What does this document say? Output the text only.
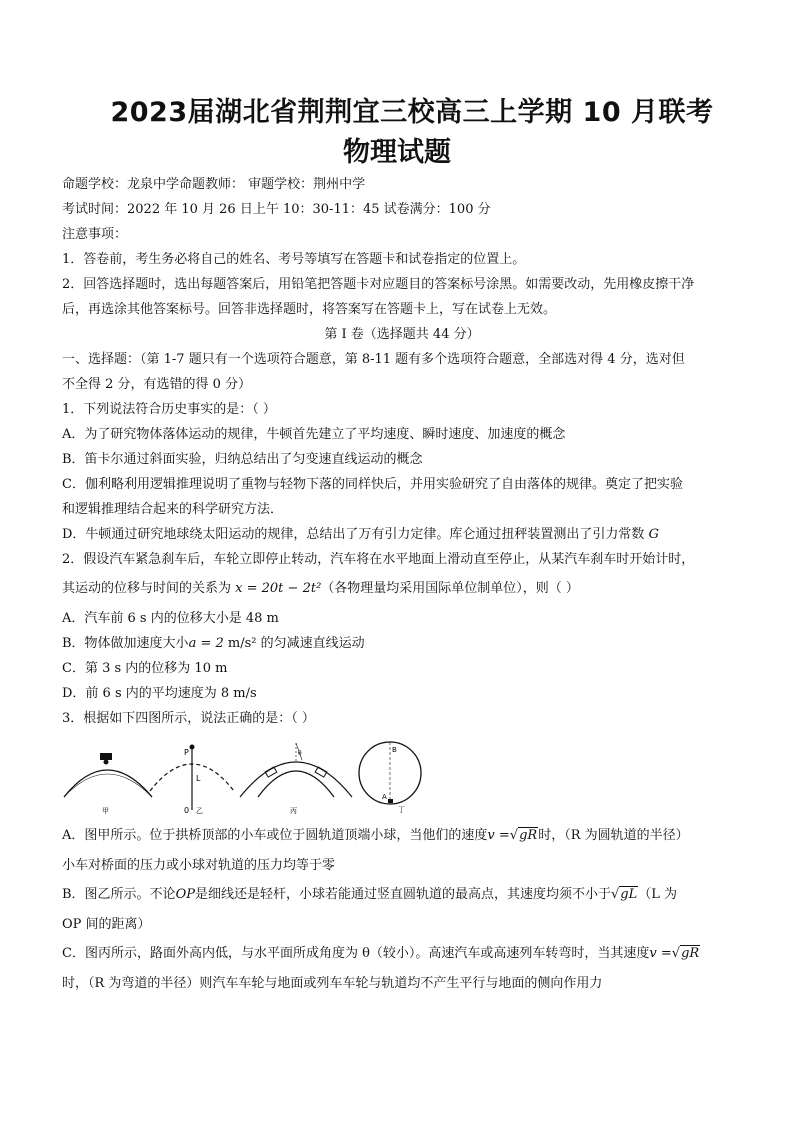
2023届湖北省荆荆宜三校高三上学期 10 月联考
物理试题
命题学校：龙泉中学命题教师： 审题学校：荆州中学
考试时间：2022 年 10 月 26 日上午 10：30-11：45 试卷满分：100 分
注意事项：
1．答卷前，考生务必将自己的姓名、考号等填写在答题卡和试卷指定的位置上。
2．回答选择题时，选出每题答案后，用铅笔把答题卡对应题目的答案标号涂黑。如需要改动，先用橡皮擦干净
后，再选涂其他答案标号。回答非选择题时，将答案写在答题卡上，写在试卷上无效。
第 I 卷（选择题共 44 分）
一、选择题：（第 1-7 题只有一个选项符合题意，第 8-11 题有多个选项符合题意，全部选对得 4 分，选对但
不全得 2 分，有选错的得 0 分）
1．下列说法符合历史事实的是：（ ）
A．为了研究物体落体运动的规律，牛顿首先建立了平均速度、瞬时速度、加速度的概念
B．笛卡尔通过斜面实验，归纳总结出了匀变速直线运动的概念
C．伽利略利用逻辑推理说明了重物与轻物下落的同样快后，并用实验研究了自由落体的规律。奠定了把实验
和逻辑推理结合起来的科学研究方法．
D．牛顿通过研究地球绕太阳运动的规律，总结出了万有引力定律。库仑通过扭秤装置测出了引力常数 G
2．假设汽车紧急刹车后，车轮立即停止转动，汽车将在水平地面上滑动直至停止，从某汽车刹车时开始计时，
其运动的位移与时间的关系为 x = 20t − 2t²（各物理量均采用国际单位制单位），则（ ）
A．汽车前 6 s 内的位移大小是 48 m
B．物体做加速度大小a = 2 m/s² 的匀减速直线运动
C．第 3 s 内的位移为 10 m
D．前 6 s 内的平均速度为 8 m/s
3．根据如下四图所示，说法正确的是：（ ）
甲
P
L
0 乙
θ
丙
B
A
丁
A．图甲所示。位于拱桥顶部的小车或位于圆轨道顶端小球，当他们的速度v =√gR时，（R 为圆轨道的半径）
小车对桥面的压力或小球对轨道的压力均等于零
B．图乙所示。不论OP是细线还是轻杆，小球若能通过竖直圆轨道的最高点，其速度均须不小于√gL（L 为
OP 间的距离）
C．图丙所示，路面外高内低，与水平面所成角度为 θ（较小）。高速汽车或高速列车转弯时，当其速度v =√gR
时，（R 为弯道的半径）则汽车车轮与地面或列车车轮与轨道均不产生平行与地面的侧向作用力
